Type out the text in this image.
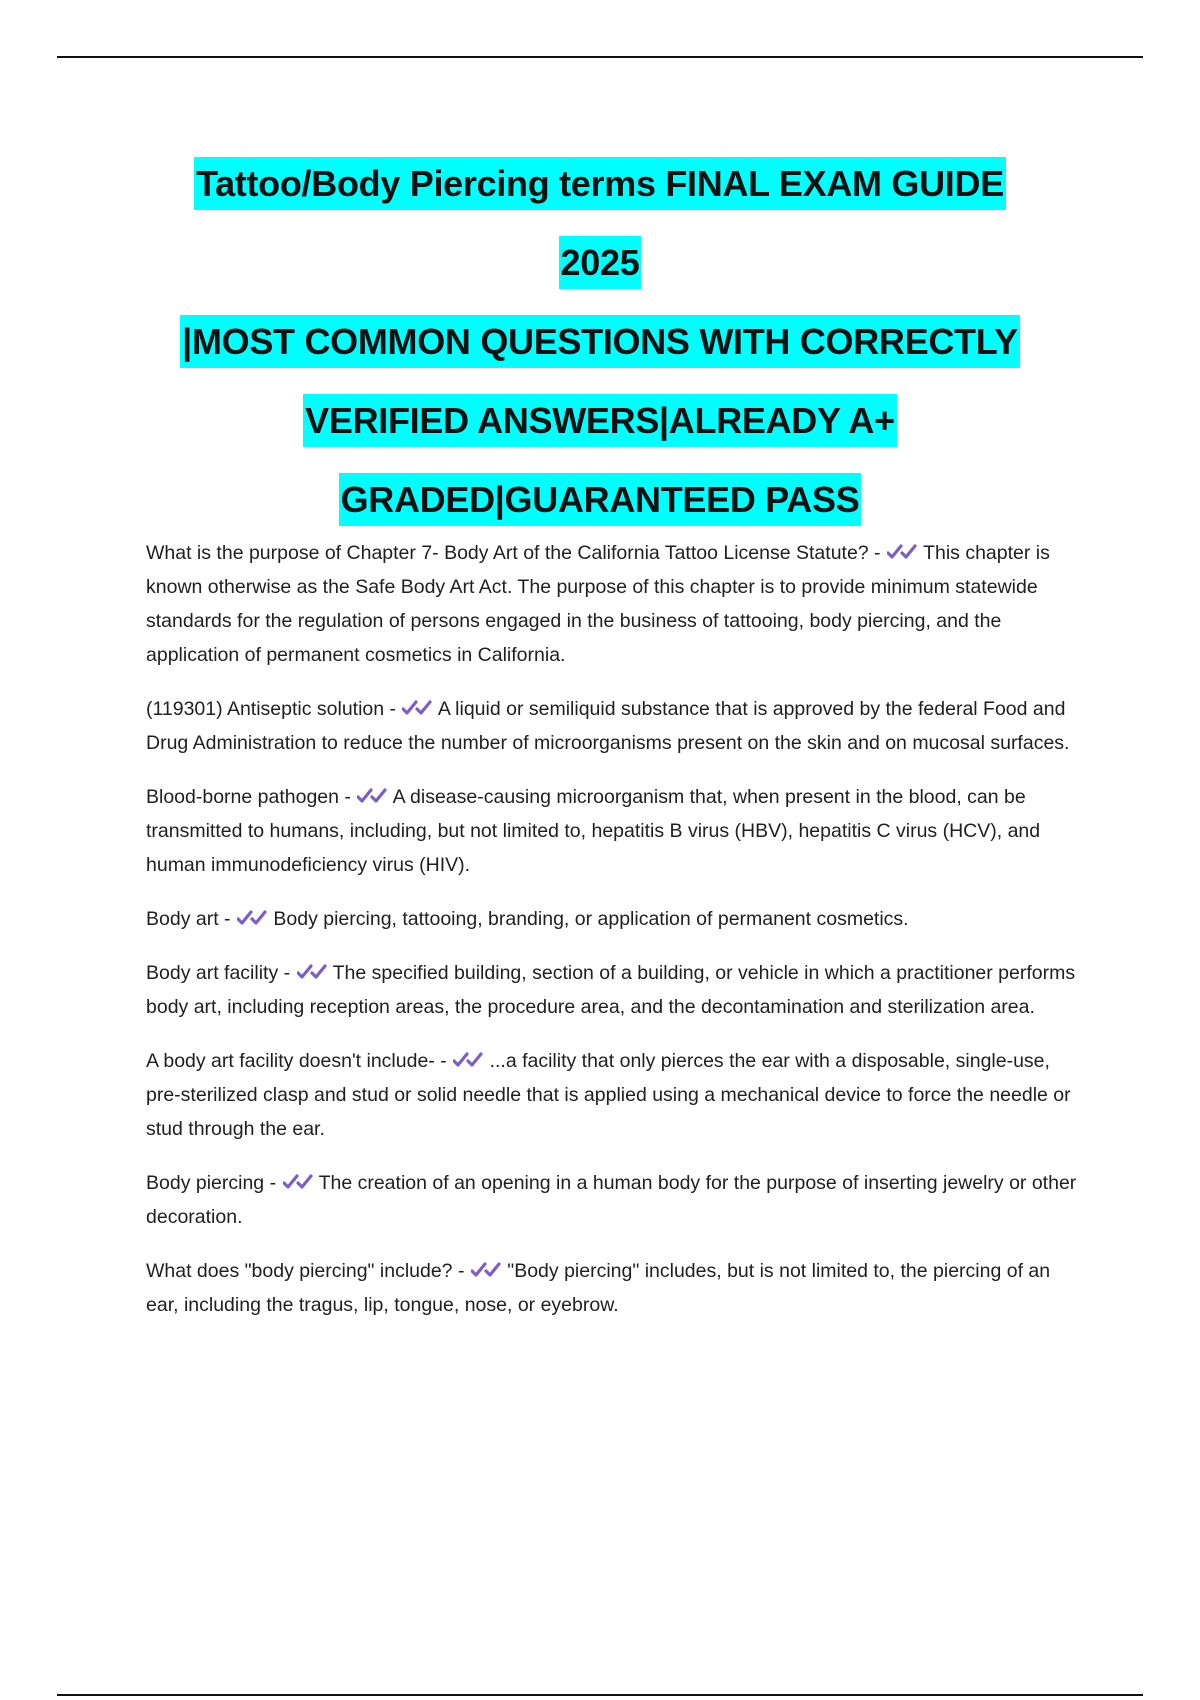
Tattoo/Body Piercing terms FINAL EXAM GUIDE
2025
|MOST COMMON QUESTIONS WITH CORRECTLY
VERIFIED ANSWERS|ALREADY A+
GRADED|GUARANTEED PASS

What is the purpose of Chapter 7- Body Art of the California Tattoo License Statute? - This chapter is known otherwise as the Safe Body Art Act. The purpose of this chapter is to provide minimum statewide standards for the regulation of persons engaged in the business of tattooing, body piercing, and the application of permanent cosmetics in California.

(119301) Antiseptic solution - A liquid or semiliquid substance that is approved by the federal Food and Drug Administration to reduce the number of microorganisms present on the skin and on mucosal surfaces.

Blood-borne pathogen - A disease-causing microorganism that, when present in the blood, can be transmitted to humans, including, but not limited to, hepatitis B virus (HBV), hepatitis C virus (HCV), and human immunodeficiency virus (HIV).

Body art - Body piercing, tattooing, branding, or application of permanent cosmetics.

Body art facility - The specified building, section of a building, or vehicle in which a practitioner performs body art, including reception areas, the procedure area, and the decontamination and sterilization area.

A body art facility doesn't include- - ...a facility that only pierces the ear with a disposable, single-use, pre-sterilized clasp and stud or solid needle that is applied using a mechanical device to force the needle or stud through the ear.

Body piercing - The creation of an opening in a human body for the purpose of inserting jewelry or other decoration.

What does "body piercing" include? - "Body piercing" includes, but is not limited to, the piercing of an ear, including the tragus, lip, tongue, nose, or eyebrow.
